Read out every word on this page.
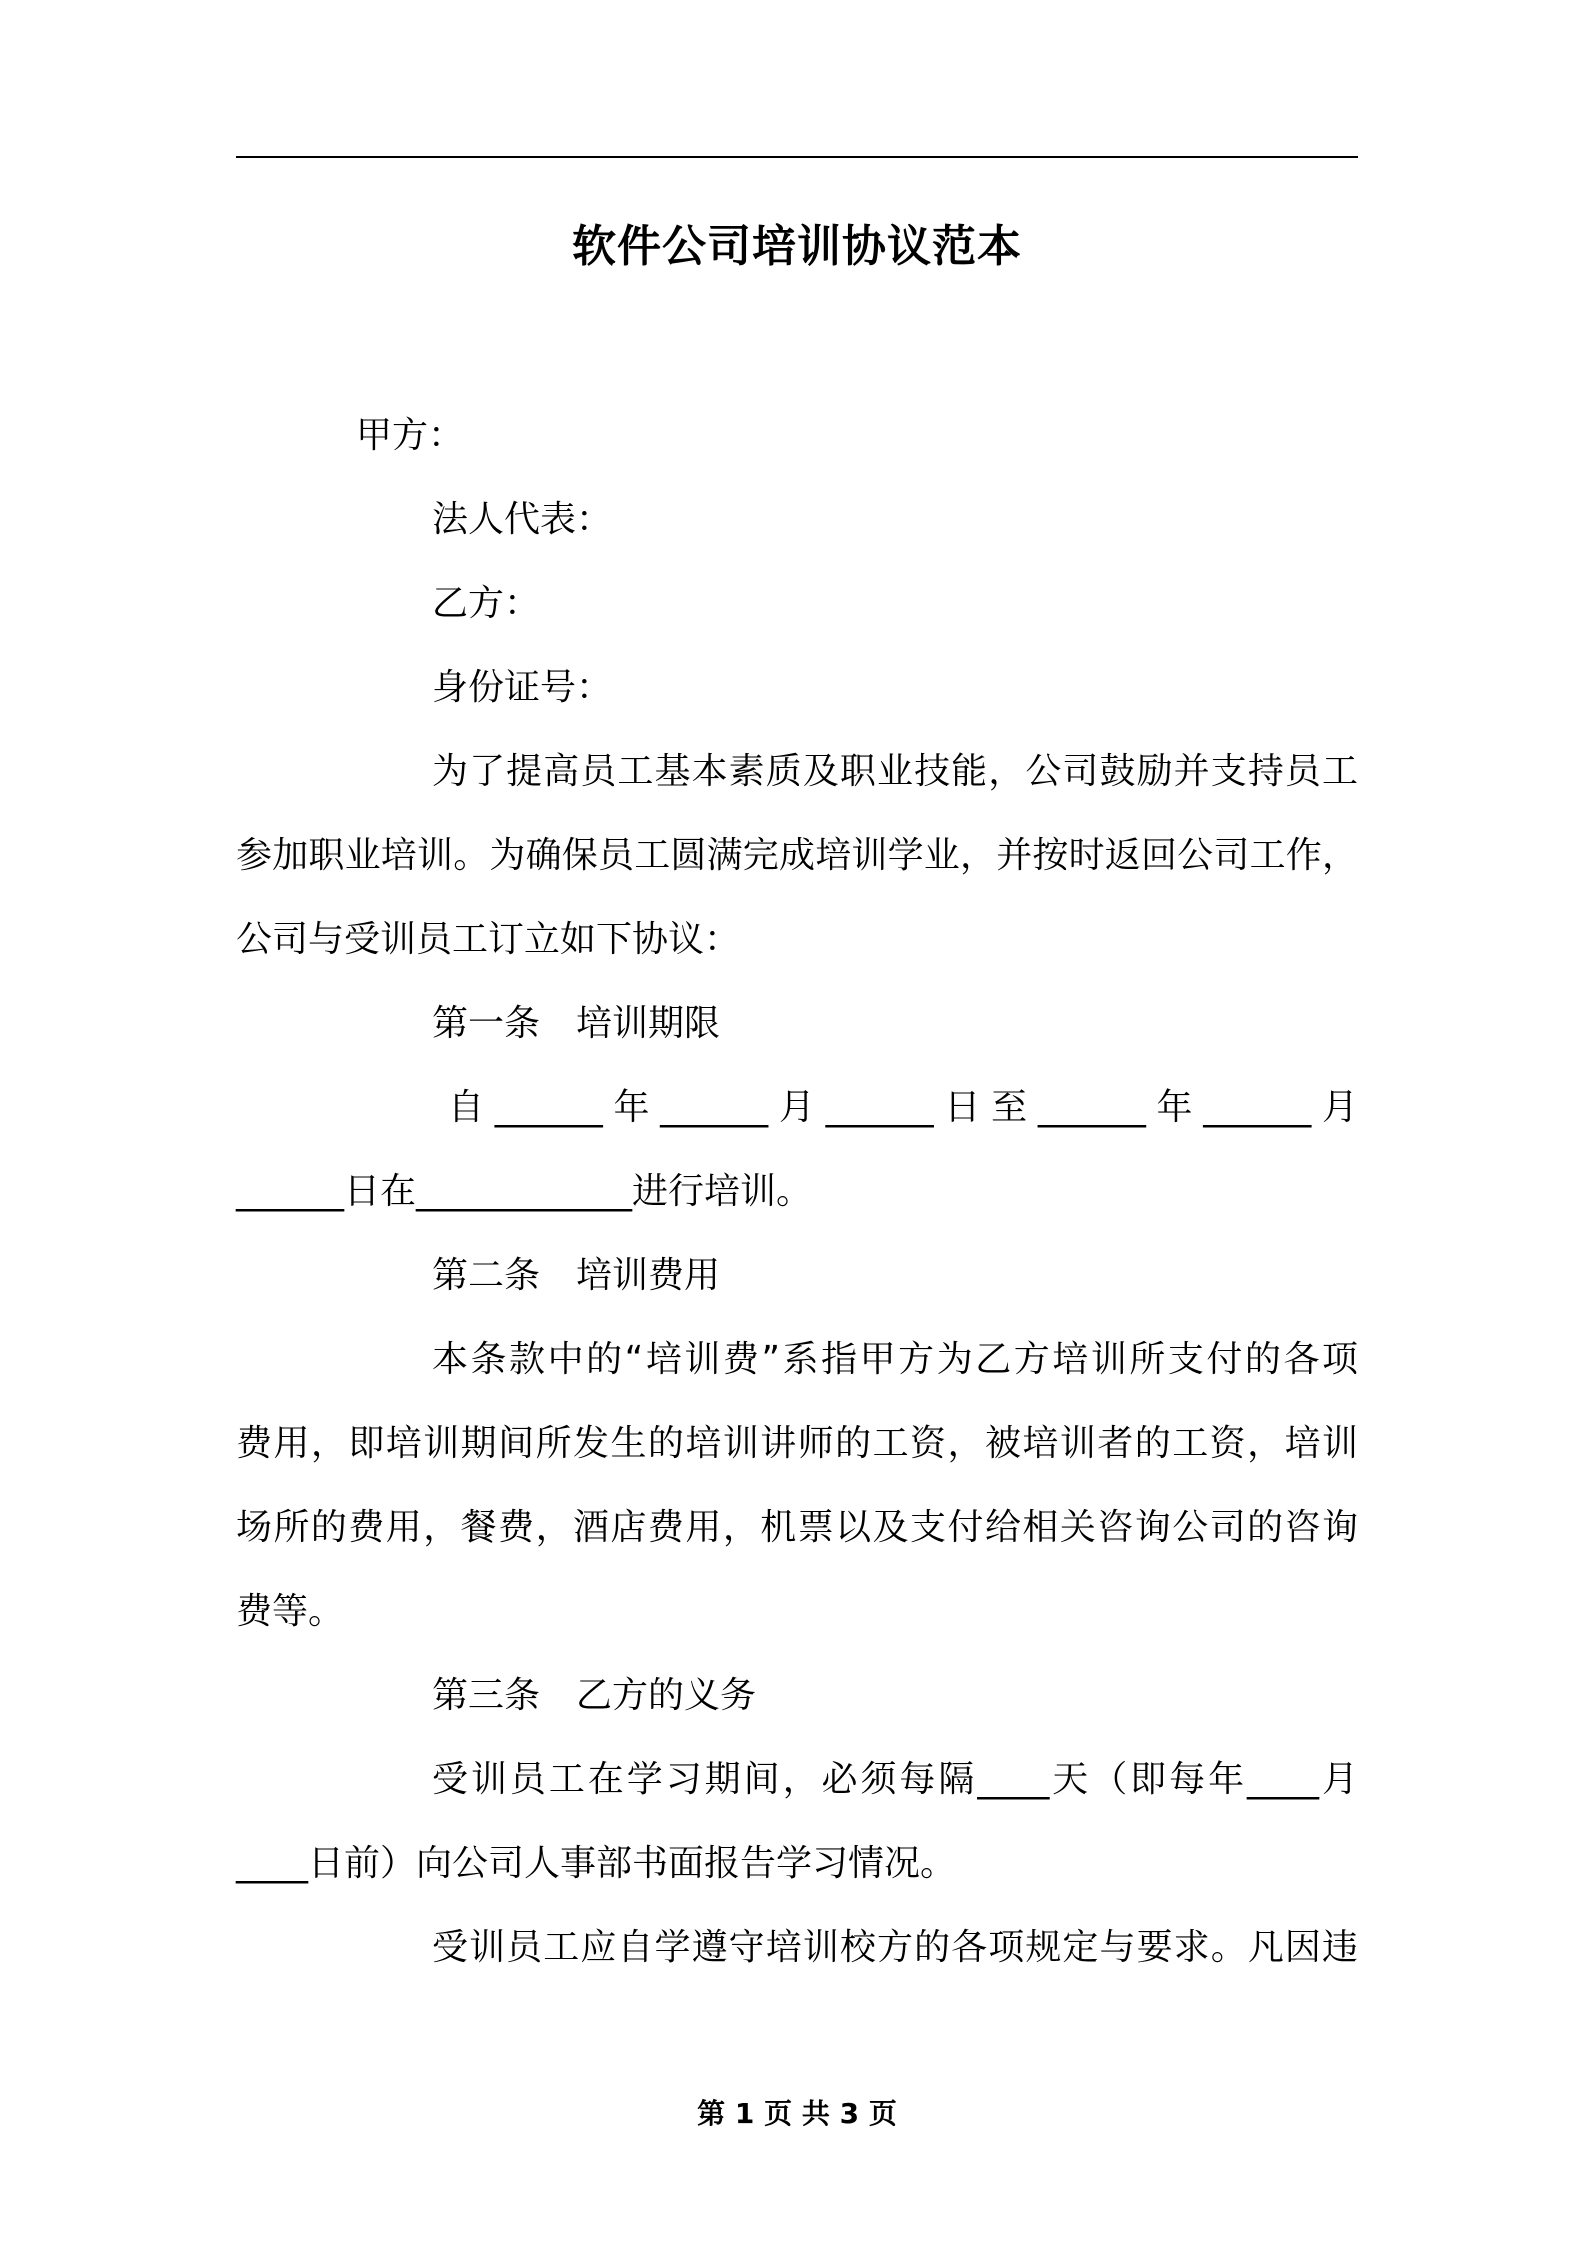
软件公司培训协议范本
甲方：
法人代表：
乙方：
身份证号：
为了提高员工基本素质及职业技能，公司鼓励并支持员工
参加职业培训。为确保员工圆满完成培训学业，并按时返回公司工作，
公司与受训员工订立如下协议：
第一条 培训期限
自______年______月______日至______年______月
______日在____________进行培训。
第二条 培训费用
本条款中的“培训费”系指甲方为乙方培训所支付的各项
费用，即培训期间所发生的培训讲师的工资，被培训者的工资，培训
场所的费用，餐费，酒店费用，机票以及支付给相关咨询公司的咨询
费等。
第三条 乙方的义务
受训员工在学习期间，必须每隔____天（即每年____月
____日前）向公司人事部书面报告学习情况。
受训员工应自学遵守培训校方的各项规定与要求。凡因违
第 1 页 共 3 页
